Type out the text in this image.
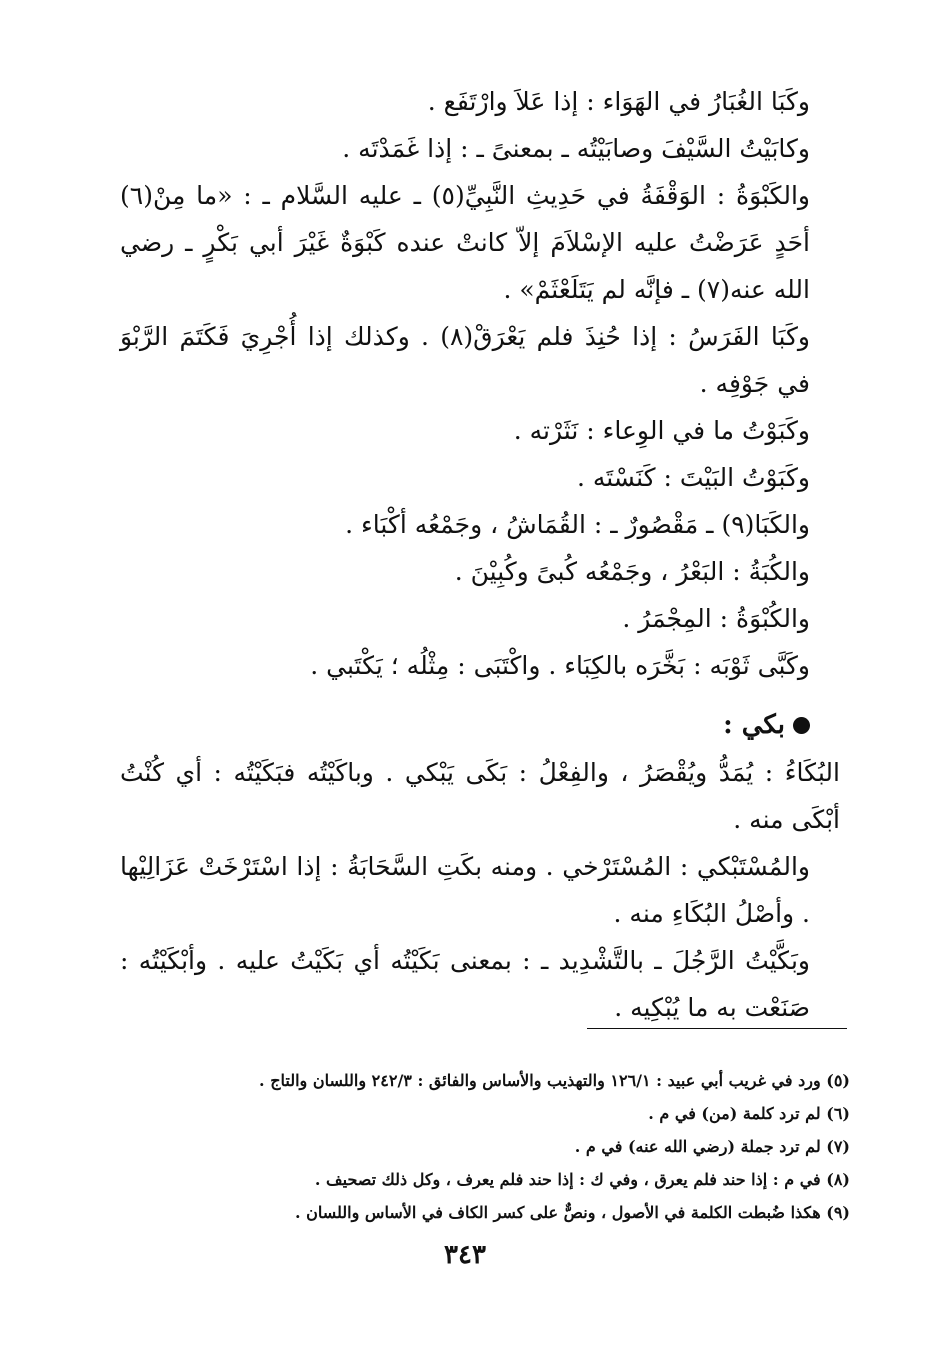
وكَبَا الغُبَارُ في الهَوَاء : إذا عَلاَ وارْتَفَع .

وكابَيْتُ السَّيْفَ وصابَيْتُه ـ بمعنىً ـ : إذا غَمَدْتَه .

والكَبْوَةُ : الوَقْفَةُ في حَدِيثِ النَّبِيِّ(٥) ـ عليه السَّلام ـ : «ما مِنْ(٦) أحَدٍ عَرَضْتُ عليه الإسْلاَمَ إلاّ كانتْ عنده كَبْوَةٌ غَيْرَ أبي بَكْرٍ ـ رضي الله عنه(٧) ـ فإنَّه لم يَتَلَعْثَمْ» .

وكَبَا الفَرَسُ : إذا حُنِذَ فلم يَعْرَقْ(٨) . وكذلك إذا أُجْرِيَ فَكَتَمَ الرَّبْوَ في جَوْفِه .

وكَبَوْتُ ما في الوِعاء : نَثَرْته .

وكَبَوْتُ البَيْتَ : كَنَسْتَه .

والكَبَا(٩) ـ مَقْصُورٌ ـ : القُمَاشُ ، وجَمْعُه أكْبَاء .

والكُبَةُ : البَعْرُ ، وجَمْعُه كُبىً وكُبِيْنَ .

والكُبْوَةُ : المِجْمَرُ .

وكَبَّى ثَوْبَه : بَخَّرَه بالكِبَاء . واكْتَبَى : مِثْلُه ؛ يَكْتَبي .

بكي :

البُكَاءُ : يُمَدُّ ويُقْصَرُ ، والفِعْلُ : بَكَى يَبْكي . وباكَيْتُه فبَكَيْتُه : أي كُنْتُ أبْكَى منه .

والمُسْتَبْكي : المُسْتَرْخي . ومنه بكَتِ السَّحَابَةُ : إذا اسْتَرْخَتْ عَزَالِيْها . وأصْلُ البُكَاءِ منه .

وبَكَّيْتُ الرَّجُلَ ـ بالتَّشْدِيد ـ : بمعنى بَكَيْتُه أي بَكَيْتُ عليه . وأبْكَيْتُه : صَنَعْت به ما يُبْكِيه .

(٥) ورد في غريب أبي عبيد : ١٢٦/١ والتهذيب والأساس والفائق : ٢٤٢/٣ واللسان والتاج .

(٦) لم ترد كلمة (من) في م .

(٧) لم ترد جملة (رضي الله عنه) في م .

(٨) في م : إذا حند فلم يعرق ، وفي ك : إذا حند فلم يعرف ، وكل ذلك تصحيف .

(٩) هكذا ضُبطت الكلمة في الأصول ، ونصٌّ على كسر الكاف في الأساس واللسان .

٣٤٣
